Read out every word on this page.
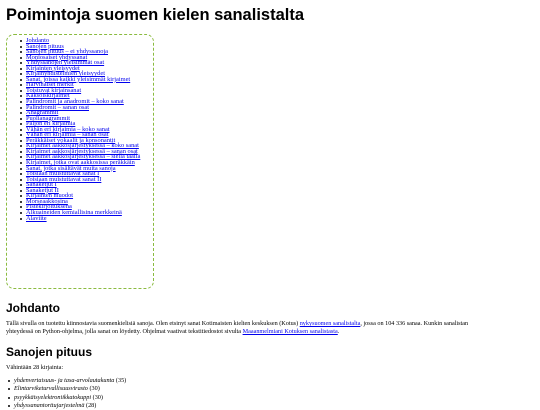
Poimintoja suomen kielen sanalistalta
Johdanto
Sanojen pituus
Sanojen pituus – ei yhdyssanoja
Moniosaiset yhdyssanat
Yhdyssanojen yleisimmät osat
Kirjainten yleisyydet
Kirjainyhdistelmien yleisyydet
Sanat, joissa kaikki yleisimmät kirjaimet
Harvinaiset merkit
Toistuvat kirjainsanat
Kaksoiskirjaimet
Palindromit ja anadromit – koko sanat
Palindromit – sanan osat
Anagrammit
Puolianagrammit
Paljon eri kirjaimia
Vähän eri kirjaimia – koko sanat
Vähän eri kirjaimia – sanan osat
Peräkkäiset vokaalit ja konsonantit
Kirjaimet aakkosjärjestyksessä – koko sanat
Kirjaimet aakkosjärjestyksessä – sanan osat
Kirjaimet aakkosjärjestyksessä – siellä täällä
Kirjaimet, jotka ovat aakkosissa peräkkäin
Sanat, jotka sisältävät muita sanoja
Toisiaan muistuttavat sanat I
Toisiaan muistuttavat sanat II
Sanaketjut I
Sanaketjut II
Kirjainten muodot
Morseaakkosina
Pistekirjoituksena
Alkuaineiden kemiallisina merkkeinä
Alaviite
Johdanto
Tällä sivulla on tuotettu kiinnostavia suomenkielisiä sanoja. Olen etsinyt sanat Kotimaisten kielten keskuksen (Kotus) nykysuomen sanalistalta, jossa on 104 336 sanaa. Kunkin sanalistan
yhteydessä on Python-ohjelma, jolla sanat on löydetty. Ohjelmat vaativat tekstitiedostot sivulta Maaanmelmiani Kotuksen sanalistasta.
Sanojen pituus
Vähintään 28 kirjainta:
yhdenvertaisuus- ja tasa-arvolautakunta (35)
Elintarviketurvallisuusvirasto (30)
psyykkäisyelektroniikkatokuppi (30)
yhdyssanantorttujarjestelmä (28)
